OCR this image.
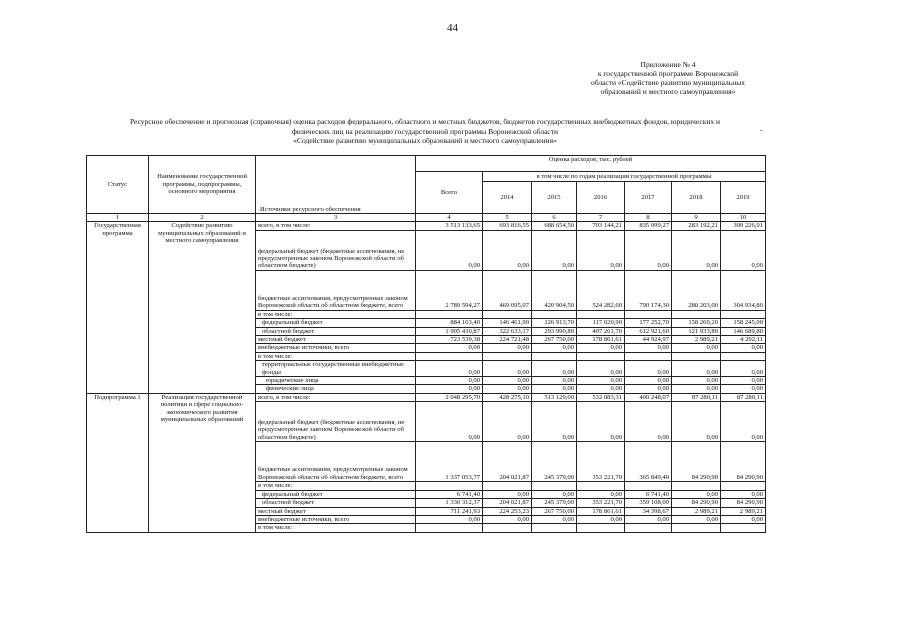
44
Приложение № 4
к государственной программе Воронежской
области «Содействие развитию муниципальных
образований и местного самоуправления»
Ресурсное обеспечение и прогнозная (справочная) оценка расходов федерального, областного и местных бюджетов, бюджетов государственных внебюджетных фондов, юридических и
физических лиц на реализацию государственной программы Воронежской области
«Содействие развитию муниципальных образований и местного самоуправления»
-
Статус	Наименование государственной программы, подпрограммы, основного мероприятия	Источники ресурсного обеспечения	Оценка расходов, тыс. рублей						
			Всего	в том числе по годам реализации государственной программы					
				2014	2015	2016	2017	2018	2019
1	2	3	4	5	6	7	8	9	10
Государственная программа	Содействие развитию муниципальных образований и местного самоуправления	всего, в том числе:	3 513 133,65	693 816,55	688 654,50	703 144,21	835 099,27	283 192,21	309 226,91
		федеральный бюджет (бюджетные ассигнования, не предусмотренные законом Воронежской области об областном бюджете)	0,00	0,00	0,00	0,00	0,00	0,00	0,00
		бюджетные ассигнования, предусмотренные законом Воронежской области об областном бюджете, всего	2 789 594,27	469 095,07	420 904,50	524 282,60	790 174,30	280 203,00	304 934,80
		в том числе:							
		федеральный бюджет	884 163,40	146 461,90	126 913,70	117 020,90	177 252,70	158 269,20	158 245,00
		областной бюджет	1 905 430,87	322 633,17	293 990,80	407 261,70	612 921,60	121 933,80	146 689,80
		местный бюджет	723 539,38	224 721,48	267 750,00	178 861,61	44 924,97	2 989,21	4 292,11
		внебюджетные источники, всего	0,00	0,00	0,00	0,00	0,00	0,00	0,00
		в том числе:							
		территориальные государственные внебюджетные фонды	0,00	0,00	0,00	0,00	0,00	0,00	0,00
		юридические лица	0,00	0,00	0,00	0,00	0,00	0,00	0,00
		физические лица	0,00	0,00	0,00	0,00	0,00	0,00	0,00
Подпрограмма 1	Реализация государственной политики в сфере социально-экономического развития муниципальных образований	всего, в том числе:	2 048 295,70	428 275,10	513 129,00	532 083,31	400 248,07	87 280,11	87 280,11
		федеральный бюджет (бюджетные ассигнования, не предусмотренные законом Воронежской области об областном бюджете)	0,00	0,00	0,00	0,00	0,00	0,00	0,00
		бюджетные ассигнования, предусмотренные законом Воронежской области об областном бюджете, всего	1 337 053,77	204 021,87	245 379,00	353 221,70	365 849,40	84 290,90	84 290,90
		в том числе:							
		федеральный бюджет	6 741,40	0,00	0,00	0,00	6 741,40	0,00	0,00
		областной бюджет	1 330 312,37	204 021,87	245 379,00	353 221,70	359 108,00	84 290,90	84 290,90
		местный бюджет	711 241,93	224 253,23	267 750,00	178 861,61	34 398,67	2 989,21	2 989,21
		внебюджетные источники, всего	0,00	0,00	0,00	0,00	0,00	0,00	0,00
		в том числе:							
